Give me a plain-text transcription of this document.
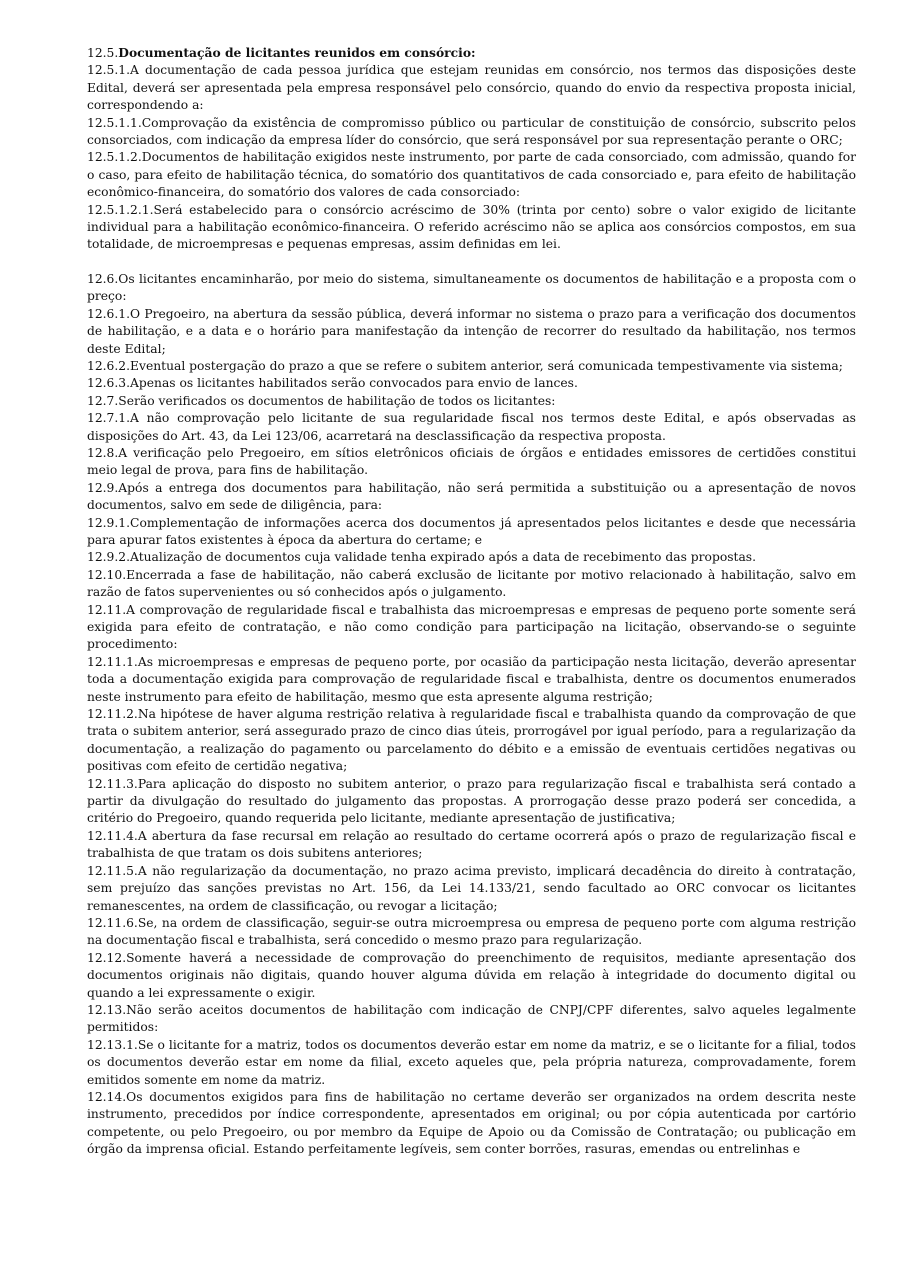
12.5.Documentação de licitantes reunidos em consórcio:

12.5.1.A documentação de cada pessoa jurídica que estejam reunidas em consórcio, nos termos das disposições deste Edital, deverá ser apresentada pela empresa responsável pelo consórcio, quando do envio da respectiva proposta inicial, correspondendo a:

12.5.1.1.Comprovação da existência de compromisso público ou particular de constituição de consórcio, subscrito pelos consorciados, com indicação da empresa líder do consórcio, que será responsável por sua representação perante o ORC;

12.5.1.2.Documentos de habilitação exigidos neste instrumento, por parte de cada consorciado, com admissão, quando for o caso, para efeito de habilitação técnica, do somatório dos quantitativos de cada consorciado e, para efeito de habilitação econômico-financeira, do somatório dos valores de cada consorciado:

12.5.1.2.1.Será estabelecido para o consórcio acréscimo de 30% (trinta por cento) sobre o valor exigido de licitante individual para a habilitação econômico-financeira. O referido acréscimo não se aplica aos consórcios compostos, em sua totalidade, de microempresas e pequenas empresas, assim definidas em lei.

12.6.Os licitantes encaminharão, por meio do sistema, simultaneamente os documentos de habilitação e a proposta com o preço:

12.6.1.O Pregoeiro, na abertura da sessão pública, deverá informar no sistema o prazo para a verificação dos documentos de habilitação, e a data e o horário para manifestação da intenção de recorrer do resultado da habilitação, nos termos deste Edital;

12.6.2.Eventual postergação do prazo a que se refere o subitem anterior, será comunicada tempestivamente via sistema;

12.6.3.Apenas os licitantes habilitados serão convocados para envio de lances.

12.7.Serão verificados os documentos de habilitação de todos os licitantes:

12.7.1.A não comprovação pelo licitante de sua regularidade fiscal nos termos deste Edital, e após observadas as disposições do Art. 43, da Lei 123/06, acarretará na desclassificação da respectiva proposta.

12.8.A verificação pelo Pregoeiro, em sítios eletrônicos oficiais de órgãos e entidades emissores de certidões constitui meio legal de prova, para fins de habilitação.

12.9.Após a entrega dos documentos para habilitação, não será permitida a substituição ou a apresentação de novos documentos, salvo em sede de diligência, para:

12.9.1.Complementação de informações acerca dos documentos já apresentados pelos licitantes e desde que necessária para apurar fatos existentes à época da abertura do certame; e

12.9.2.Atualização de documentos cuja validade tenha expirado após a data de recebimento das propostas.

12.10.Encerrada a fase de habilitação, não caberá exclusão de licitante por motivo relacionado à habilitação, salvo em razão de fatos supervenientes ou só conhecidos após o julgamento.

12.11.A comprovação de regularidade fiscal e trabalhista das microempresas e empresas de pequeno porte somente será exigida para efeito de contratação, e não como condição para participação na licitação, observando-se o seguinte procedimento:

12.11.1.As microempresas e empresas de pequeno porte, por ocasião da participação nesta licitação, deverão apresentar toda a documentação exigida para comprovação de regularidade fiscal e trabalhista, dentre os documentos enumerados neste instrumento para efeito de habilitação, mesmo que esta apresente alguma restrição;

12.11.2.Na hipótese de haver alguma restrição relativa à regularidade fiscal e trabalhista quando da comprovação de que trata o subitem anterior, será assegurado prazo de cinco dias úteis, prorrogável por igual período, para a regularização da documentação, a realização do pagamento ou parcelamento do débito e a emissão de eventuais certidões negativas ou positivas com efeito de certidão negativa;

12.11.3.Para aplicação do disposto no subitem anterior, o prazo para regularização fiscal e trabalhista será contado a partir da divulgação do resultado do julgamento das propostas. A prorrogação desse prazo poderá ser concedida, a critério do Pregoeiro, quando requerida pelo licitante, mediante apresentação de justificativa;

12.11.4.A abertura da fase recursal em relação ao resultado do certame ocorrerá após o prazo de regularização fiscal e trabalhista de que tratam os dois subitens anteriores;

12.11.5.A não regularização da documentação, no prazo acima previsto, implicará decadência do direito à contratação, sem prejuízo das sanções previstas no Art. 156, da Lei 14.133/21, sendo facultado ao ORC convocar os licitantes remanescentes, na ordem de classificação, ou revogar a licitação;

12.11.6.Se, na ordem de classificação, seguir-se outra microempresa ou empresa de pequeno porte com alguma restrição na documentação fiscal e trabalhista, será concedido o mesmo prazo para regularização.

12.12.Somente haverá a necessidade de comprovação do preenchimento de requisitos, mediante apresentação dos documentos originais não digitais, quando houver alguma dúvida em relação à integridade do documento digital ou quando a lei expressamente o exigir.

12.13.Não serão aceitos documentos de habilitação com indicação de CNPJ/CPF diferentes, salvo aqueles legalmente permitidos:

12.13.1.Se o licitante for a matriz, todos os documentos deverão estar em nome da matriz, e se o licitante for a filial, todos os documentos deverão estar em nome da filial, exceto aqueles que, pela própria natureza, comprovadamente, forem emitidos somente em nome da matriz.

12.14.Os documentos exigidos para fins de habilitação no certame deverão ser organizados na ordem descrita neste instrumento, precedidos por índice correspondente, apresentados em original; ou por cópia autenticada por cartório competente, ou pelo Pregoeiro, ou por membro da Equipe de Apoio ou da Comissão de Contratação; ou publicação em órgão da imprensa oficial. Estando perfeitamente legíveis, sem conter borrões, rasuras, emendas ou entrelinhas e
